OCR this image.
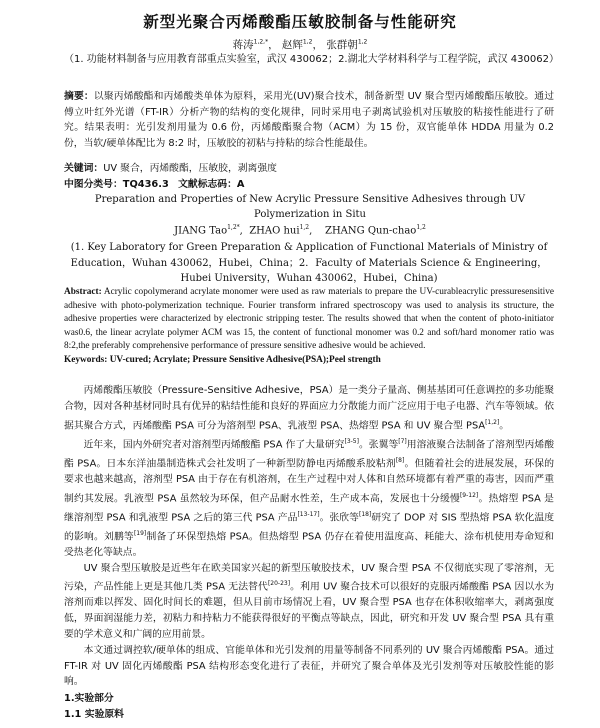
新型光聚合丙烯酸酯压敏胶制备与性能研究
蒋涛$^{1,2,*}$， 赵辉$^{1,2}$， 张群朝$^{1,2}$
（1. 功能材料制备与应用教育部重点实验室，武汉 430062；2.湖北大学材料科学与工程学院，武汉 430062）
摘要：以聚丙烯酸酯和丙烯酸类单体为原料，采用光(UV)聚合技术，制备新型 UV 聚合型丙烯酸酯压敏胶。通过傅立叶红外光谱（FT-IR）分析产物的结构的变化规律，同时采用电子剥离试验机对压敏胶的粘接性能进行了研究。结果表明：光引发剂用量为 0.6 份，丙烯酸酯聚合物（ACM）为 15 份，双官能单体 HDDA 用量为 0.2 份，当软/硬单体配比为 8:2 时，压敏胶的初粘与持粘的综合性能最佳。
关键词：UV 聚合，丙烯酸酯，压敏胶，剥离强度
中图分类号：TQ436.3 文献标志码：A
Preparation and Properties of New Acrylic Pressure Sensitive Adhesives through UV Polymerization in Situ
JIANG Tao$^{1,2*}$,  ZHAO hui$^{1,2}$,    ZHANG Qun-chao$^{1,2}$
(1. Key Laboratory for Green Preparation & Application of Functional Materials of Ministry of Education，Wuhan 430062，Hubei，China；2．Faculty of Materials Science & Engineering，Hubei University，Wuhan 430062，Hubei，China)
Abstract: Acrylic copolymerand acrylate monomer were used as raw materials to prepare the UV-curableacrylic pressuresensitive adhesive with photo-polymerization technique. Fourier transform infrared spectroscopy was used to analysis its structure, the adhesive properties were characterized by electronic stripping tester. The results showed that when the content of photo-initiator was0.6, the linear acrylate polymer ACM was 15, the content of functional monomer was 0.2 and soft/hard monomer ratio was 8:2,the preferably comprehensive performance of pressure sensitive adhesive would be achieved.
Keywords: UV-cured; Acrylate; Pressure Sensitive Adhesive(PSA);Peel strength

丙烯酸酯压敏胶（Pressure-Sensitive Adhesive，PSA）是一类分子量高、侧基基团可任意调控的多功能聚合物，因对各种基材同时具有优异的粘结性能和良好的界面应力分散能力而广泛应用于电子电器、汽车等领域。依据其聚合方式，丙烯酸酯 PSA 可分为溶剂型 PSA、乳液型 PSA、热熔型 PSA 和 UV 聚合型 PSA[1,2]。

近年来，国内外研究者对溶剂型丙烯酸酯 PSA 作了大量研究[3-5]。张翼等[7]用溶液聚合法制备了溶剂型丙烯酸酯 PSA。日本东洋油墨制造株式会社发明了一种新型防静电丙烯酸系胶粘剂[8]。但随着社会的进展发展，环保的要求也越来越高，溶剂型 PSA 由于存在有机溶剂，在生产过程中对人体和自然环境都有着严重的毒害，因而严重制约其发展。乳液型 PSA 虽然较为环保，但产品耐水性差，生产成本高，发展也十分缓慢[9-12]。热熔型 PSA 是继溶剂型 PSA 和乳液型 PSA 之后的第三代 PSA 产品[13-17]。张欣等[18]研究了 DOP 对 SIS 型热熔 PSA 软化温度的影响。刘鹏等[19]制备了环保型热熔 PSA。但热熔型 PSA 仍存在着使用温度高、耗能大、涂布机使用寿命短和受热老化等缺点。

UV 聚合型压敏胶是近些年在欧美国家兴起的新型压敏胶技术，UV 聚合型 PSA 不仅彻底实现了零溶剂，无污染，产品性能上更是其他几类 PSA 无法替代[20-23]。利用 UV 聚合技术可以很好的克服丙烯酸酯 PSA 因以水为溶剂而难以挥发、固化时间长的难题，但从目前市场情况上看，UV 聚合型 PSA 也存在体积收缩率大，剥离强度低，界面润湿能力差，初粘力和持粘力不能获得很好的平衡点等缺点，因此，研究和开发 UV 聚合型 PSA 具有重要的学术意义和广阔的应用前景。

本文通过调控软/硬单体的组成、官能单体和光引发剂的用量等制备不同系列的 UV 聚合丙烯酸酯 PSA。通过 FT-IR 对 UV 固化丙烯酸酯 PSA 结构形态变化进行了表征，并研究了聚合单体及光引发剂等对压敏胶性能的影响。

1.实验部分
1.1 实验原料
